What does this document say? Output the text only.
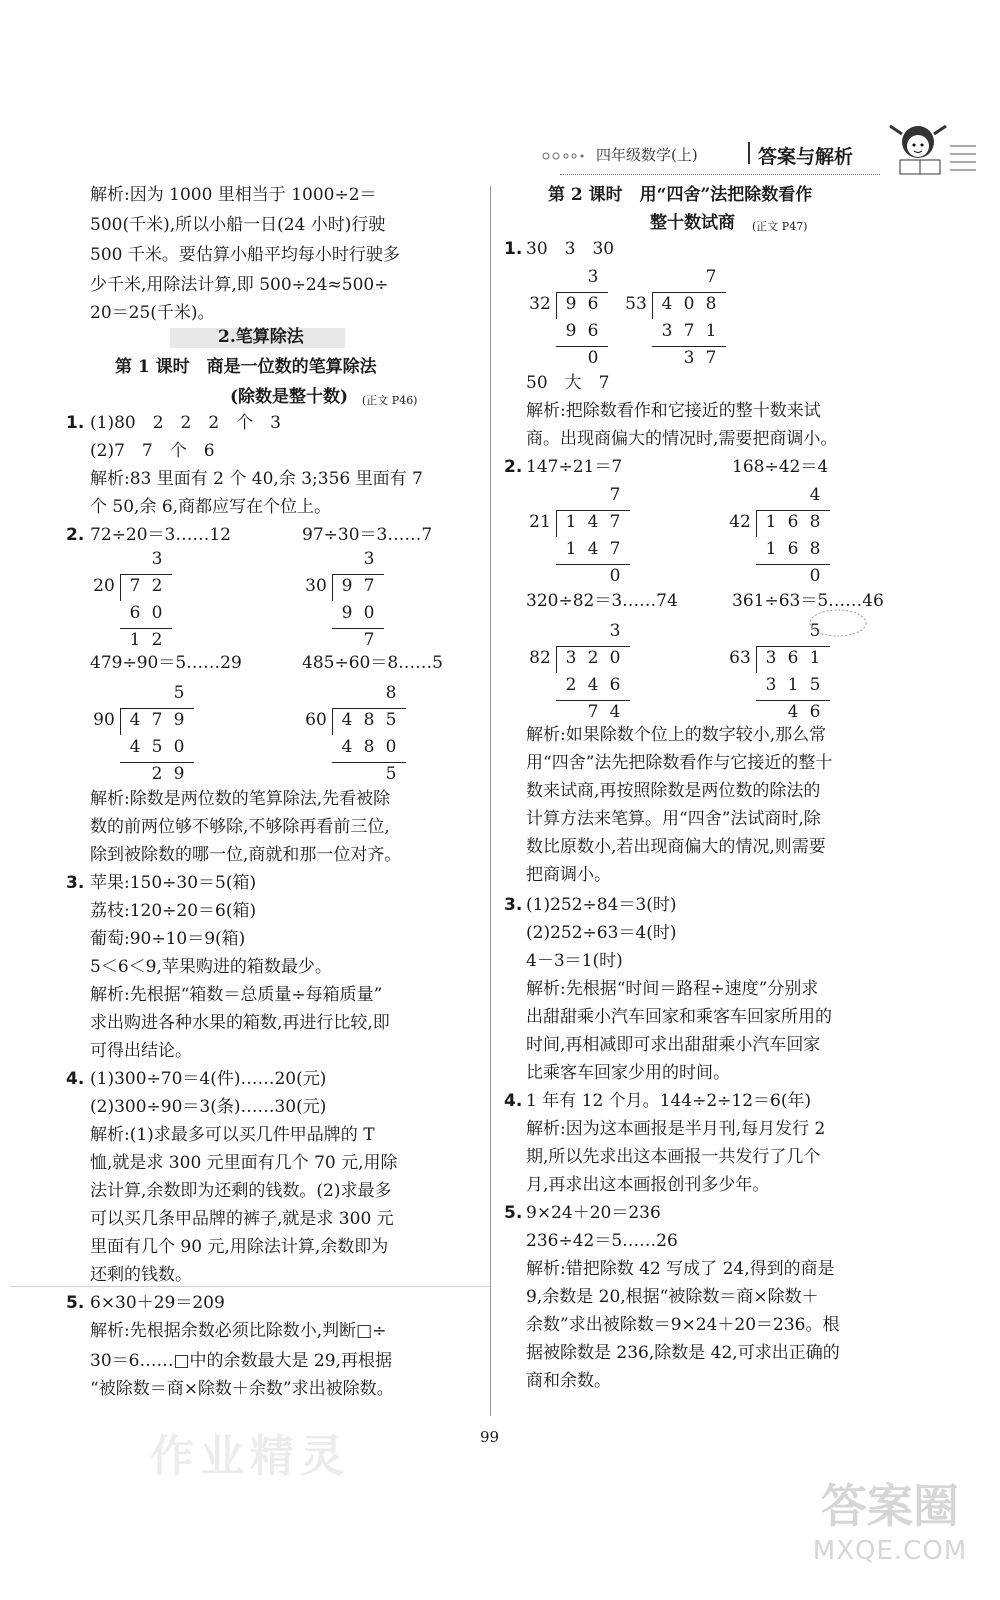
四年级数学(上)	答案与解析
解析:因为 1000 里相当于 1000÷2＝
500(千米),所以小船一日(24 小时)行驶
500 千米。要估算小船平均每小时行驶多
少千米,用除法计算,即 500÷24≈500÷
20＝25(千米)。
2.笔算除法
第 1 课时　商是一位数的笔算除法
(除数是整十数) (正文 P46)
1. (1)80　2　2　2　个　3
(2)7　7　个　6
解析:83 里面有 2 个 40,余 3;356 里面有 7
个 50,余 6,商都应写在个位上。
2. 72÷20＝3……12	97÷30＝3……7
479÷90＝5……29	485÷60＝8……5
解析:除数是两位数的笔算除法,先看被除
数的前两位够不够除,不够除再看前三位,
除到被除数的哪一位,商就和那一位对齐。
3. 苹果:150÷30＝5(箱)
荔枝:120÷20＝6(箱)
葡萄:90÷10＝9(箱)
5＜6＜9,苹果购进的箱数最少。
解析:先根据“箱数＝总质量÷每箱质量”
求出购进各种水果的箱数,再进行比较,即
可得出结论。
4. (1)300÷70＝4(件)……20(元)
(2)300÷90＝3(条)……30(元)
解析:(1)求最多可以买几件甲品牌的 T
恤,就是求 300 元里面有几个 70 元,用除
法计算,余数即为还剩的钱数。(2)求最多
可以买几条甲品牌的裤子,就是求 300 元
里面有几个 90 元,用除法计算,余数即为
还剩的钱数。
5. 6×30＋29＝209
解析:先根据余数必须比除数小,判断□÷
30＝6……□中的余数最大是 29,再根据
“被除数＝商×除数＋余数”求出被除数。
第 2 课时　用“四舍”法把除数看作
整十数试商 (正文 P47)
1. 30　3　30
50　大　7
解析:把除数看作和它接近的整十数来试
商。出现商偏大的情况时,需要把商调小。
2. 147÷21＝7	168÷42＝4
320÷82＝3……74	361÷63＝5……46
解析:如果除数个位上的数字较小,那么常
用“四舍”法先把除数看作与它接近的整十
数来试商,再按照除数是两位数的除法的
计算方法来笔算。用“四舍”法试商时,除
数比原数小,若出现商偏大的情况,则需要
把商调小。
3. (1)252÷84＝3(时)
(2)252÷63＝4(时)
4－3＝1(时)
解析:先根据“时间＝路程÷速度”分别求
出甜甜乘小汽车回家和乘客车回家所用的
时间,再相减即可求出甜甜乘小汽车回家
比乘客车回家少用的时间。
4. 1 年有 12 个月。144÷2÷12＝6(年)
解析:因为这本画报是半月刊,每月发行 2
期,所以先求出这本画报一共发行了几个
月,再求出这本画报创刊多少年。
5. 9×24＋20＝236
236÷42＝5……26
解析:错把除数 42 写成了 24,得到的商是
9,余数是 20,根据“被除数＝商×除数＋
余数”求出被除数＝9×24＋20＝236。根
据被除数是 236,除数是 42,可求出正确的
商和余数。
3
20 7 2
6 0
1 2
3
30 9 7
9 0
7
5
90 4 7 9
4 5 0
2 9
8
60 4 8 5
4 8 0
5
3
32 9 6
9 6
0
7
53 4 0 8
3 7 1
3 7
7
21 1 4 7
1 4 7
0
4
42 1 6 8
1 6 8
0
3
82 3 2 0
2 4 6
7 4
5
63 3 6 1
3 1 5
4 6
99
作业精灵
答案圈
MXQE.COM
